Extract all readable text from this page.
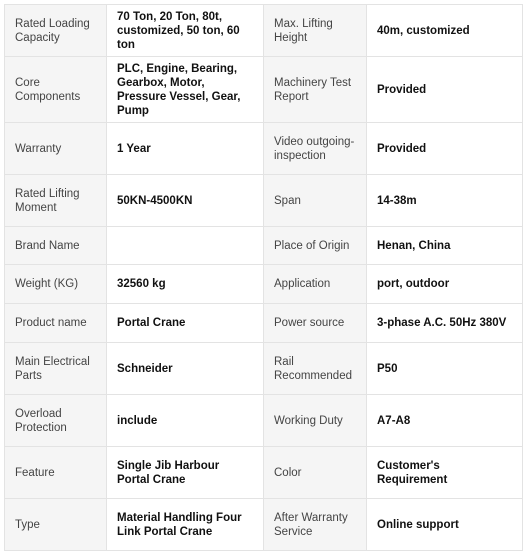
Rated Loading Capacity	70 Ton, 20 Ton, 80t, customized, 50 ton, 60 ton	Max. Lifting Height	40m, customized
Core Components	PLC, Engine, Bearing, Gearbox, Motor, Pressure Vessel, Gear, Pump	Machinery Test Report	Provided
Warranty	1 Year	Video outgoing-inspection	Provided
Rated Lifting Moment	50KN-4500KN	Span	14-38m
Brand Name		Place of Origin	Henan, China
Weight (KG)	32560 kg	Application	port, outdoor
Product name	Portal Crane	Power source	3-phase A.C. 50Hz 380V
Main Electrical Parts	Schneider	Rail Recommended	P50
Overload Protection	include	Working Duty	A7-A8
Feature	Single Jib Harbour Portal Crane	Color	Customer's Requirement
Type	Material Handling Four Link Portal Crane	After Warranty Service	Online support
